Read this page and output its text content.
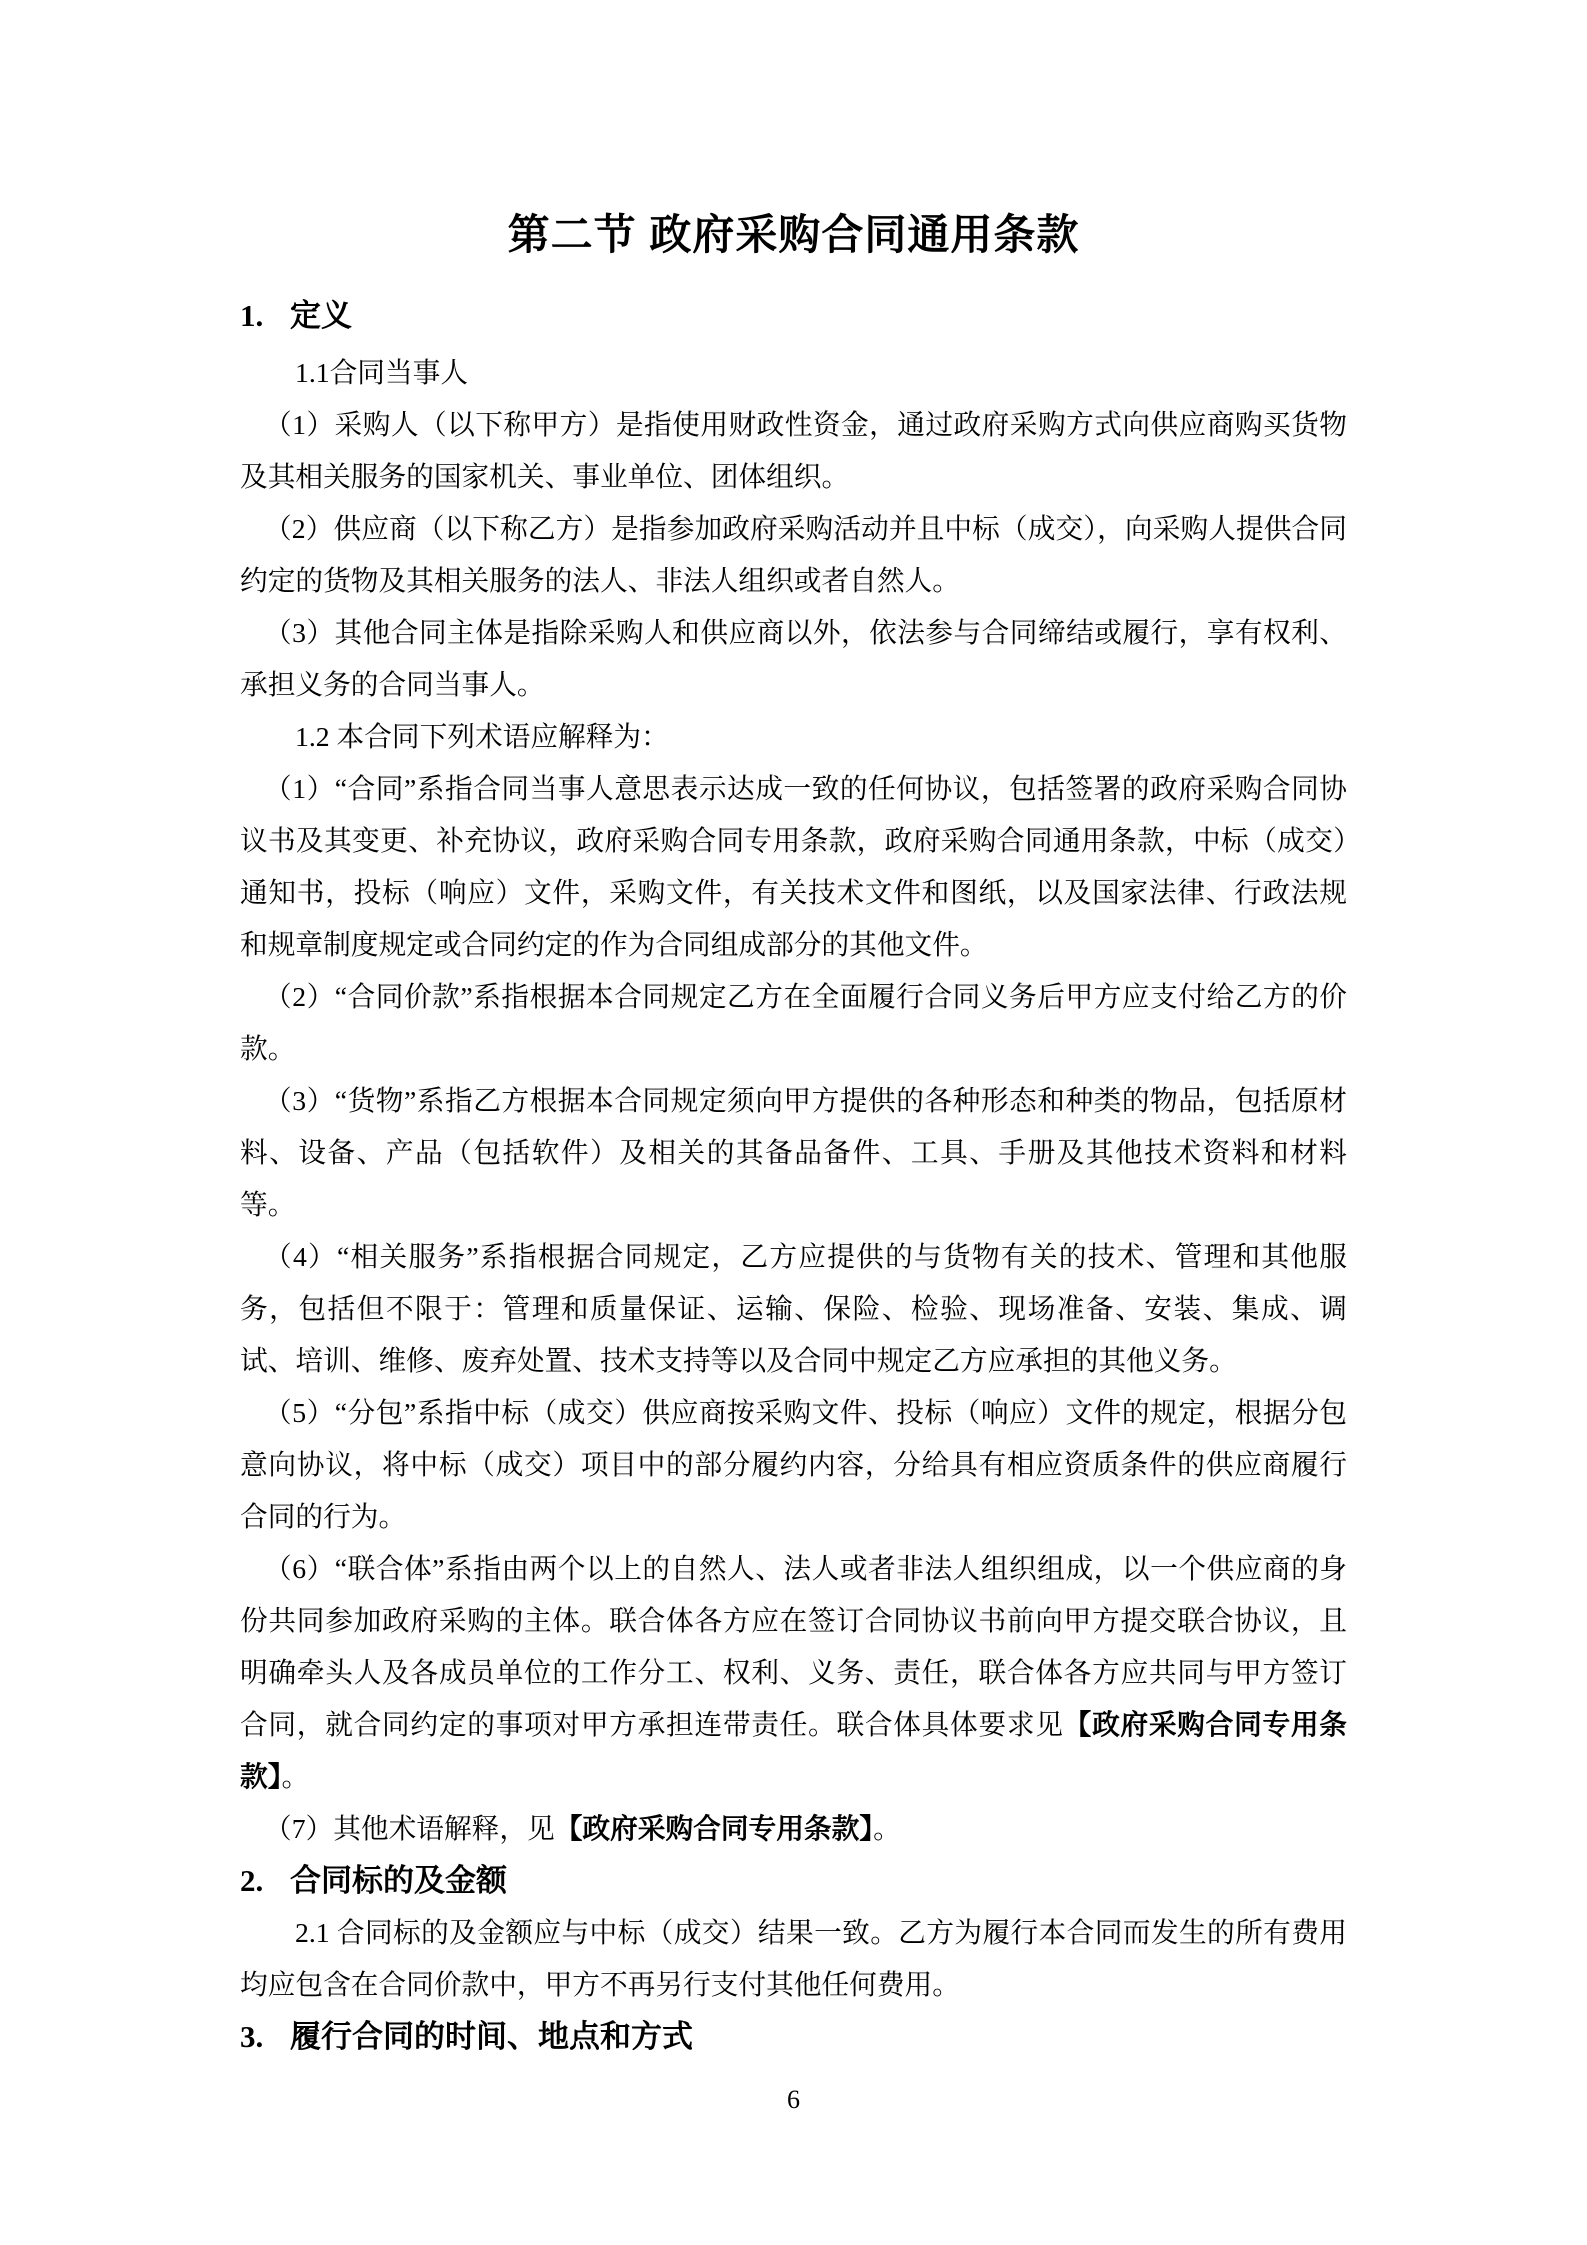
第二节 政府采购合同通用条款
1. 定义
1.1合同当事人
（1）采购人（以下称甲方）是指使用财政性资金，通过政府采购方式向供应商购买货物及其相关服务的国家机关、事业单位、团体组织。
（2）供应商（以下称乙方）是指参加政府采购活动并且中标（成交），向采购人提供合同约定的货物及其相关服务的法人、非法人组织或者自然人。
（3）其他合同主体是指除采购人和供应商以外，依法参与合同缔结或履行，享有权利、承担义务的合同当事人。
1.2 本合同下列术语应解释为：
（1）“合同”系指合同当事人意思表示达成一致的任何协议，包括签署的政府采购合同协议书及其变更、补充协议，政府采购合同专用条款，政府采购合同通用条款，中标（成交）通知书，投标（响应）文件，采购文件，有关技术文件和图纸，以及国家法律、行政法规和规章制度规定或合同约定的作为合同组成部分的其他文件。
（2）“合同价款”系指根据本合同规定乙方在全面履行合同义务后甲方应支付给乙方的价款。
（3）“货物”系指乙方根据本合同规定须向甲方提供的各种形态和种类的物品，包括原材料、设备、产品（包括软件）及相关的其备品备件、工具、手册及其他技术资料和材料等。
（4）“相关服务”系指根据合同规定，乙方应提供的与货物有关的技术、管理和其他服务，包括但不限于：管理和质量保证、运输、保险、检验、现场准备、安装、集成、调试、培训、维修、废弃处置、技术支持等以及合同中规定乙方应承担的其他义务。
（5）“分包”系指中标（成交）供应商按采购文件、投标（响应）文件的规定，根据分包意向协议，将中标（成交）项目中的部分履约内容，分给具有相应资质条件的供应商履行合同的行为。
（6）“联合体”系指由两个以上的自然人、法人或者非法人组织组成，以一个供应商的身份共同参加政府采购的主体。联合体各方应在签订合同协议书前向甲方提交联合协议，且明确牵头人及各成员单位的工作分工、权利、义务、责任，联合体各方应共同与甲方签订合同，就合同约定的事项对甲方承担连带责任。联合体具体要求见【政府采购合同专用条款】。
（7）其他术语解释，见【政府采购合同专用条款】。
2. 合同标的及金额
2.1 合同标的及金额应与中标（成交）结果一致。乙方为履行本合同而发生的所有费用均应包含在合同价款中，甲方不再另行支付其他任何费用。
3. 履行合同的时间、地点和方式
6
